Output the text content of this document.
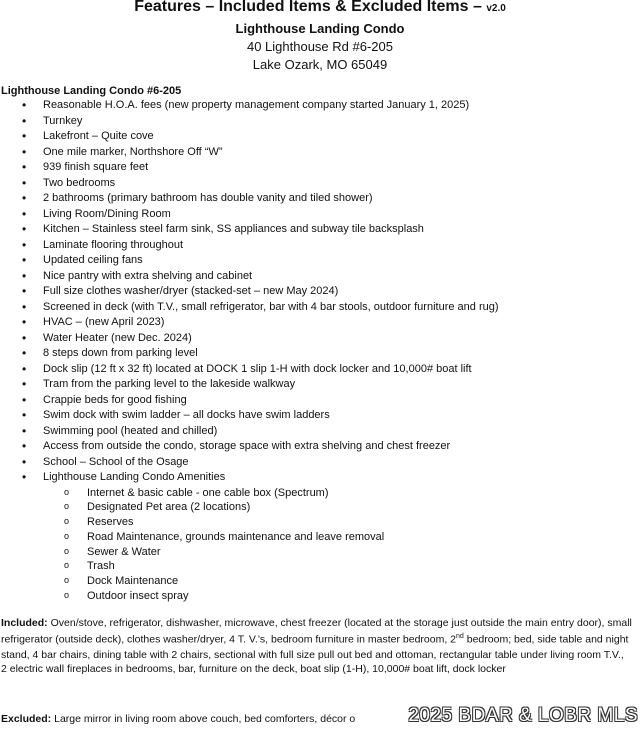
Features – Included Items & Excluded Items – v2.0
Lighthouse Landing Condo
40 Lighthouse Rd #6-205
Lake Ozark, MO 65049
Lighthouse Landing Condo #6-205
• Reasonable H.O.A. fees (new property management company started January 1, 2025)
• Turnkey
• Lakefront – Quite cove
• One mile marker, Northshore Off “W”
• 939 finish square feet
• Two bedrooms
• 2 bathrooms (primary bathroom has double vanity and tiled shower)
• Living Room/Dining Room
• Kitchen – Stainless steel farm sink, SS appliances and subway tile backsplash
• Laminate flooring throughout
• Updated ceiling fans
• Nice pantry with extra shelving and cabinet
• Full size clothes washer/dryer (stacked-set – new May 2024)
• Screened in deck (with T.V., small refrigerator, bar with 4 bar stools, outdoor furniture and rug)
• HVAC – (new April 2023)
• Water Heater (new Dec. 2024)
• 8 steps down from parking level
• Dock slip (12 ft x 32 ft) located at DOCK 1 slip 1-H with dock locker and 10,000# boat lift
• Tram from the parking level to the lakeside walkway
• Crappie beds for good fishing
• Swim dock with swim ladder – all docks have swim ladders
• Swimming pool (heated and chilled)
• Access from outside the condo, storage space with extra shelving and chest freezer
• School – School of the Osage
• Lighthouse Landing Condo Amenities
o Internet & basic cable - one cable box (Spectrum)
o Designated Pet area (2 locations)
o Reserves
o Road Maintenance, grounds maintenance and leave removal
o Sewer & Water
o Trash
o Dock Maintenance
o Outdoor insect spray
Included: Oven/stove, refrigerator, dishwasher, microwave, chest freezer (located at the storage just outside the main entry door), small refrigerator (outside deck), clothes washer/dryer, 4 T. V.’s, bedroom furniture in master bedroom, 2nd bedroom; bed, side table and night stand, 4 bar chairs, dining table with 2 chairs, sectional with full size pull out bed and ottoman, rectangular table under living room T.V., 2 electric wall fireplaces in bedrooms, bar, furniture on the deck, boat slip (1-H), 10,000# boat lift, dock locker
Excluded: Large mirror in living room above couch, bed comforters, décor o	2025 BDAR & LOBR MLS
